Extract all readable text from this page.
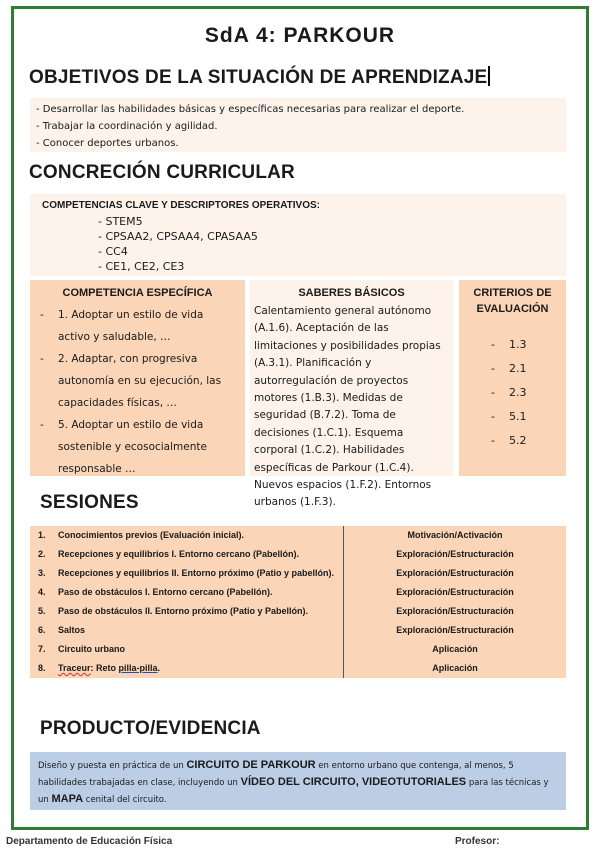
SdA 4: PARKOUR
OBJETIVOS DE LA SITUACIÓN DE APRENDIZAJE
- Desarrollar las habilidades básicas y específicas necesarias para realizar el deporte.
- Trabajar la coordinación y agilidad.
- Conocer deportes urbanos.
CONCRECIÓN CURRICULAR
COMPETENCIAS CLAVE Y DESCRIPTORES OPERATIVOS:
- STEM5
- CPSAA2, CPSAA4, CPASAA5
- CC4
- CE1, CE2, CE3
COMPETENCIA ESPECÍFICA
-	1. Adoptar un estilo de vida activo y saludable, …
-	2. Adaptar, con progresiva autonomía en su ejecución, las capacidades físicas, …
-	5. Adoptar un estilo de vida sostenible y ecosocialmente responsable …
SABERES BÁSICOS
Calentamiento general autónomo (A.1.6). Aceptación de las limitaciones y posibilidades propias (A.3.1). Planificación y autorregulación de proyectos motores (1.B.3). Medidas de seguridad (B.7.2). Toma de decisiones (1.C.1). Esquema corporal (1.C.2). Habilidades específicas de Parkour (1.C.4). Nuevos espacios (1.F.2). Entornos urbanos (1.F.3).
CRITERIOS DE EVALUACIÓN
-	1.3
-	2.1
-	2.3
-	5.1
-	5.2
SESIONES
1. Conocimientos previos (Evaluación inicial).	Motivación/Activación
2. Recepciones y equilibrios I. Entorno cercano (Pabellón).	Exploración/Estructuración
3. Recepciones y equilibrios II. Entorno próximo (Patio y pabellón).	Exploración/Estructuración
4. Paso de obstáculos I. Entorno cercano (Pabellón).	Exploración/Estructuración
5. Paso de obstáculos II. Entorno próximo (Patio y Pabellón).	Exploración/Estructuración
6. Saltos	Exploración/Estructuración
7. Circuito urbano	Aplicación
8. Traceur: Reto pilla-pilla.	Aplicación
PRODUCTO/EVIDENCIA
Diseño y puesta en práctica de un CIRCUITO DE PARKOUR en entorno urbano que contenga, al menos, 5 habilidades trabajadas en clase, incluyendo un VÍDEO DEL CIRCUITO, VIDEOTUTORIALES para las técnicas y un MAPA cenital del circuito.
Departamento de Educación Física	Profesor:
